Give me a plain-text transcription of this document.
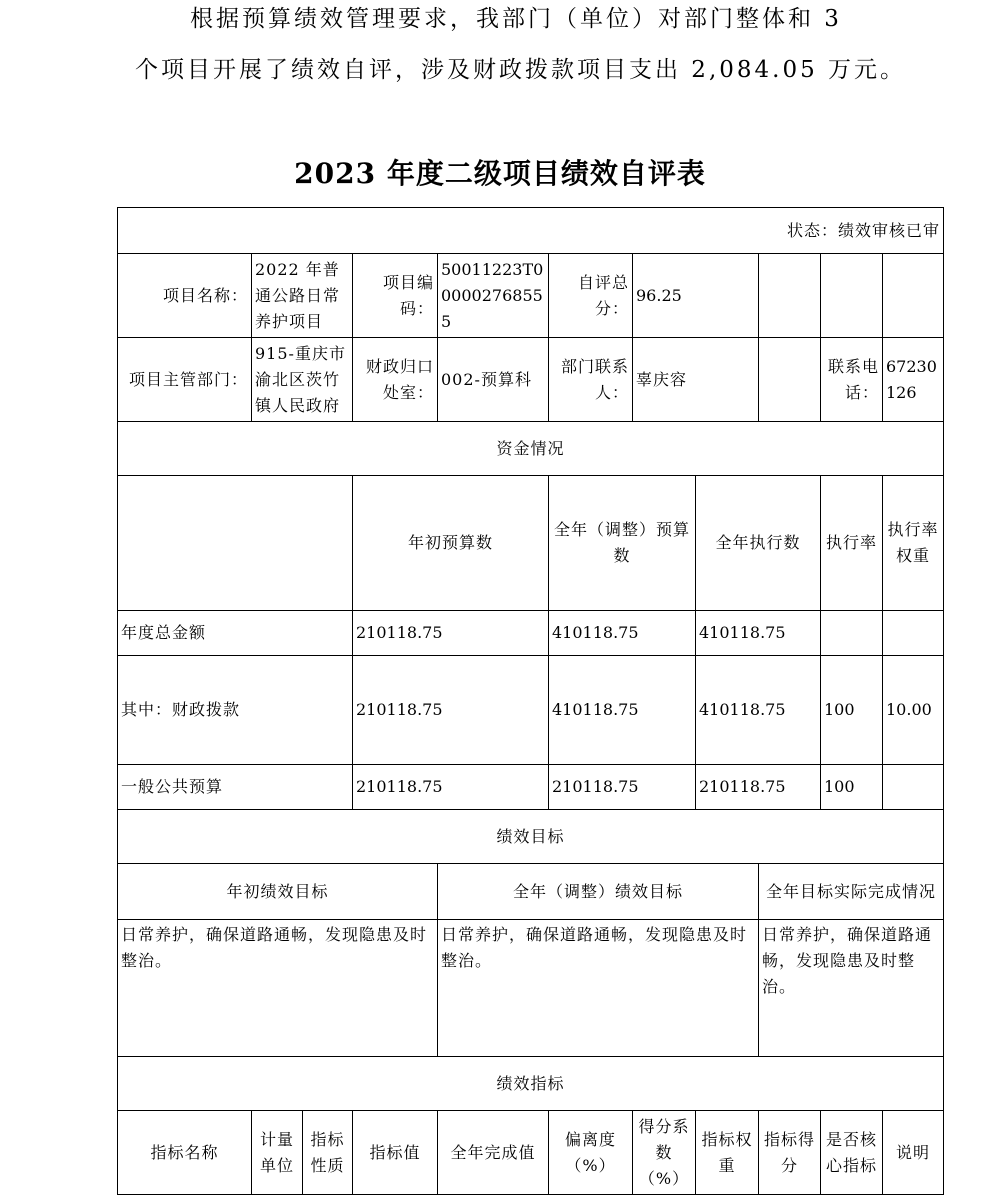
根据预算绩效管理要求，我部门（单位）对部门整体和 3
个项目开展了绩效自评，涉及财政拨款项目支出 2,084.05 万元。
2023 年度二级项目绩效自评表
状态：绩效审核已审											
项目名称：	2022 年普通公路日常养护项目		项目编码：	50011223T000002768555	自评总分：	96.25					
项目主管部门：	915-重庆市渝北区茨竹镇人民政府		财政归口处室：	002-预算科	部门联系人：	辜庆容			联系电话：	67230126	
资金情况											
			年初预算数		全年（调整）预算数		全年执行数		执行率	执行率权重	
年度总金额			210118.75		410118.75		410118.75				
其中：财政拨款			210118.75		410118.75		410118.75		100	10.00	
一般公共预算			210118.75		210118.75		210118.75		100		
绩效目标											
年初绩效目标				全年（调整）绩效目标				全年目标实际完成情况			
日常养护，确保道路通畅，发现隐患及时整治。				日常养护，确保道路通畅，发现隐患及时整治。				日常养护，确保道路通畅，发现隐患及时整治。			
绩效指标											
指标名称	计量单位	指标性质	指标值	全年完成值	偏离度（%）	得分系数（%）	指标权重	指标得分	是否核心指标	说明	
